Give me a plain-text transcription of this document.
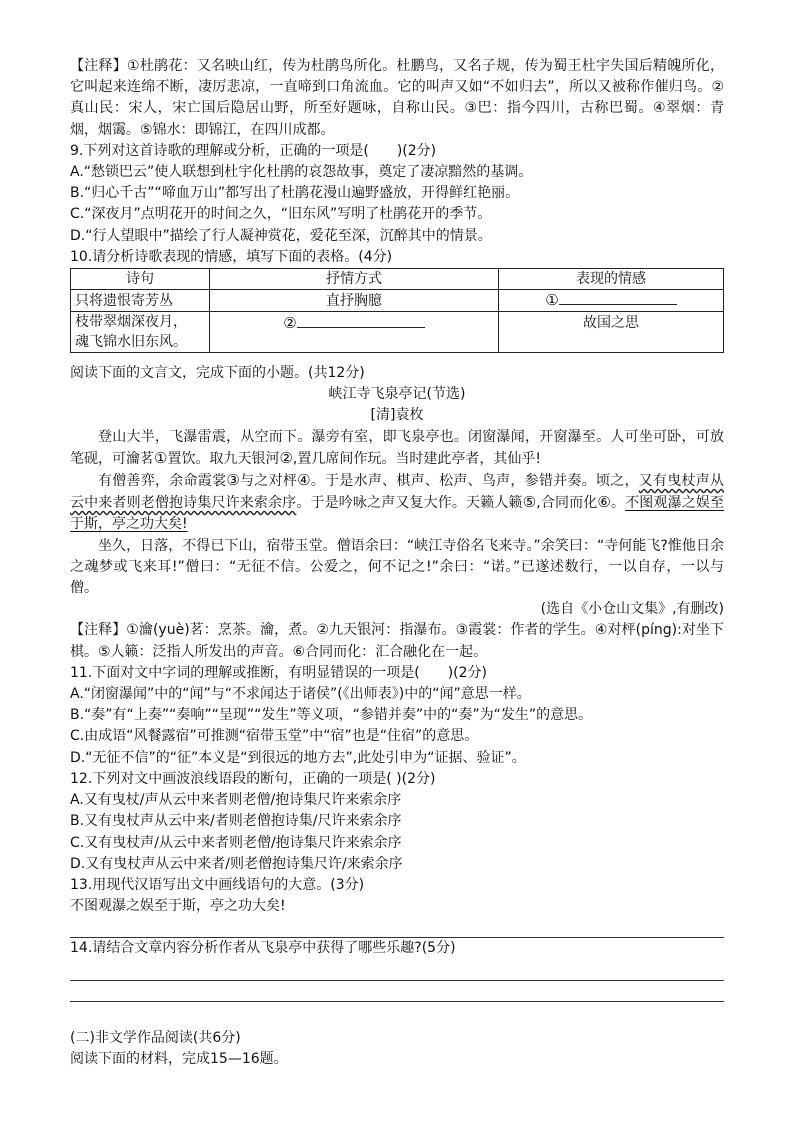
【注释】①杜鹃花：又名映山红，传为杜鹃鸟所化。杜鹏鸟，又名子规，传为蜀王杜宇失国后精魄所化，它叫起来连绵不断，凄厉悲凉，一直啼到口角流血。它的叫声又如“不如归去”，所以又被称作催归鸟。②真山民：宋人，宋亡国后隐居山野，所至好题咏，自称山民。③巴：指今四川，古称巴蜀。④翠烟：青烟，烟霭。⑤锦水：即锦江，在四川成都。

9.下列对这首诗歌的理解或分析，正确的一项是(　　)(2分)

A.“愁锁巴云”使人联想到杜宇化杜鹃的哀怨故事，奠定了凄凉黯然的基调。

B.“归心千古”“啼血万山”都写出了杜鹃花漫山遍野盛放，开得鲜红艳丽。

C.“深夜月”点明花开的时间之久，“旧东风”写明了杜鹃花开的季节。

D.“行人望眼中”描绘了行人凝神赏花，爱花至深，沉醉其中的情景。

10.请分析诗歌表现的情感，填写下面的表格。(4分)

诗句	抒情方式	表现的情感
只将遗恨寄芳丛	直抒胸臆	①

枝带翠烟深夜月，
魂飞锦水旧东风。	②	故国之思

阅读下面的文言文，完成下面的小题。(共12分)

峡江寺飞泉亭记(节选)

[清]袁枚

登山大半，飞瀑雷震，从空而下。瀑旁有室，即飞泉亭也。闭窗瀑闻，开窗瀑至。人可坐可卧，可放笔砚，可瀹茗①置饮。取九天银河②,置几席间作玩。当时建此亭者，其仙乎!

有僧善弈，余命霞裳③与之对枰④。于是水声、棋声、松声、鸟声，参错并奏。顷之，又有曳杖声从云中来者则老僧抱诗集尺许来索余序。于是吟咏之声又复大作。天籁人籁⑤,合同而化⑥。不图观瀑之娱至于斯，亭之功大矣!

坐久，日落，不得已下山，宿带玉堂。僧语余曰：“峡江寺俗名飞来寺。”余笑曰：“寺何能飞?惟他日余之魂梦或飞来耳!”僧曰：“无征不信。公爱之，何不记之!”余曰：“诺。”已遂述数行，一以自存，一以与僧。

(选自《小仓山文集》,有删改)

【注释】①瀹(yuè)茗：烹茶。瀹，煮。②九天银河：指瀑布。③霞裳：作者的学生。④对枰(píng):对坐下棋。⑤人籁：泛指人所发出的声音。⑥合同而化：汇合融化在一起。

11.下面对文中字词的理解或推断，有明显错误的一项是(　　)(2分)

A.“闭窗瀑闻”中的“闻”与“不求闻达于诸侯”(《出师表》)中的“闻”意思一样。

B.“奏”有“上奏”“奏响”“呈现”“发生”等义项，“参错并奏”中的“奏”为“发生”的意思。

C.由成语“风餐露宿”可推测“宿带玉堂”中“宿”也是“住宿”的意思。

D.“无征不信”的“征”本义是“到很远的地方去”,此处引申为“证据、验证”。

12.下列对文中画波浪线语段的断句，正确的一项是( )(2分)

A.又有曳杖/声从云中来者则老僧/抱诗集尺许来索余序

B.又有曳杖声从云中来/者则老僧抱诗集/尺许来索余序

C.又有曳杖声/从云中来者则老僧/抱诗集尺许来索余序

D.又有曳杖声从云中来者/则老僧抱诗集尺许/来索余序

13.用现代汉语写出文中画线语句的大意。(3分)

不图观瀑之娱至于斯，亭之功大矣!

14.请结合文章内容分析作者从飞泉亭中获得了哪些乐趣?(5分)

(二)非文学作品阅读(共6分)

阅读下面的材料，完成15—16题。
